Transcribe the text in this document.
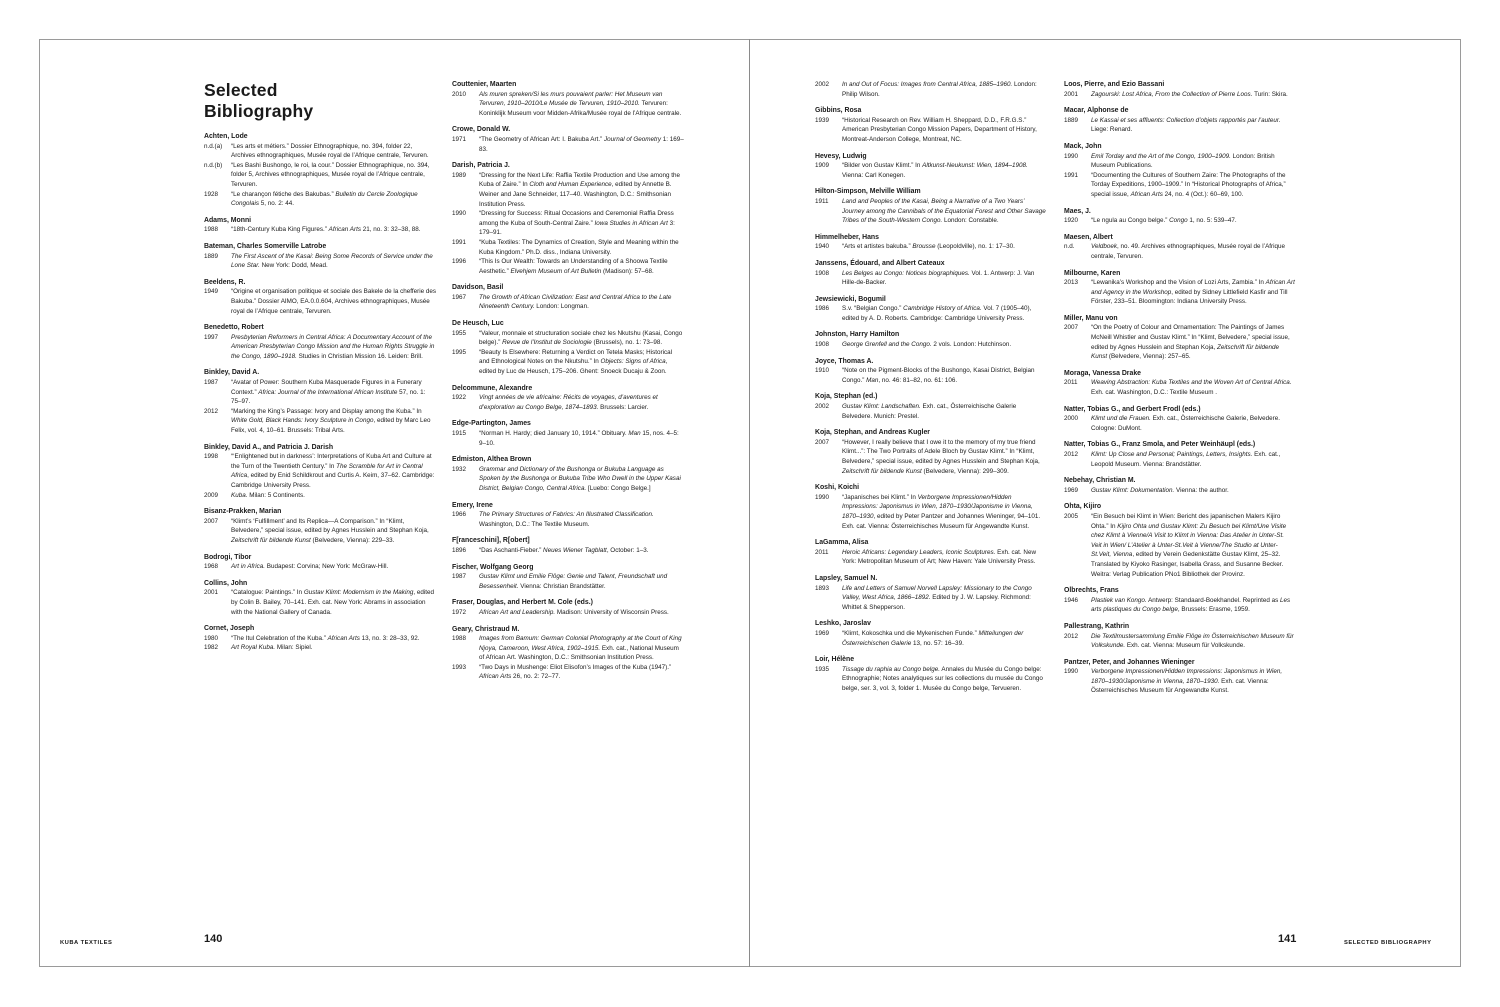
Selected
Bibliography
Achten, Lode
n.d.(a)	“Les arts et métiers.” Dossier Ethnographique, no. 394, folder 22, Archives ethnographiques, Musée royal de l’Afrique centrale, Tervuren.
n.d.(b)	“Les Bashi Bushongo, le roi, la cour.” Dossier Ethnographique, no. 394, folder 5, Archives ethnographiques, Musée royal de l’Afrique centrale, Tervuren.
1928	“Le charançon fétiche des Bakubas.” Bulletin du Cercle Zoologique Congolais 5, no. 2: 44.
Adams, Monni
1988	“18th-Century Kuba King Figures.” African Arts 21, no. 3: 32–38, 88.
Bateman, Charles Somerville Latrobe
1889	The First Ascent of the Kasai: Being Some Records of Service under the Lone Star. New York: Dodd, Mead.
Beeldens, R.
1949	“Origine et organisation politique et sociale des Bakele de la chefferie des Bakuba.” Dossier AIMO, EA.0.0.604, Archives ethnographiques, Musée royal de l’Afrique centrale, Tervuren.
Benedetto, Robert
1997	Presbyterian Reformers in Central Africa: A Documentary Account of the American Presbyterian Congo Mission and the Human Rights Struggle in the Congo, 1890–1918. Studies in Christian Mission 16. Leiden: Brill.
Binkley, David A.
1987	“Avatar of Power: Southern Kuba Masquerade Figures in a Funerary Context.” Africa: Journal of the International African Institute 57, no. 1: 75–97.
2012	“Marking the King’s Passage: Ivory and Display among the Kuba.” In White Gold, Black Hands: Ivory Sculpture in Congo, edited by Marc Leo Felix, vol. 4, 10–61. Brussels: Tribal Arts.
Binkley, David A., and Patricia J. Darish
1998	“‘Enlightened but in darkness’: Interpretations of Kuba Art and Culture at the Turn of the Twentieth Century.” In The Scramble for Art in Central Africa, edited by Enid Schildkrout and Curtis A. Keim, 37–62. Cambridge: Cambridge University Press.
2009	Kuba. Milan: 5 Continents.
Bisanz-Prakken, Marian
2007	“Klimt’s ‘Fulfillment’ and Its Replica—A Comparison.” In “Klimt, Belvedere,” special issue, edited by Agnes Husslein and Stephan Koja, Zeitschrift für bildende Kunst (Belvedere, Vienna): 229–33.
Bodrogi, Tibor
1968	Art in Africa. Budapest: Corvina; New York: McGraw-Hill.
Collins, John
2001	“Catalogue: Paintings.” In Gustav Klimt: Modernism in the Making, edited by Colin B. Bailey, 70–141. Exh. cat. New York: Abrams in association with the National Gallery of Canada.
Cornet, Joseph
1980	“The Itul Celebration of the Kuba.” African Arts 13, no. 3: 28–33, 92.
1982	Art Royal Kuba. Milan: Sipiel.
Couttenier, Maarten
2010	Als muren spreken/Si les murs pouvaient parler: Het Museum van Tervuren, 1910–2010/Le Musée de Tervuren, 1910–2010. Tervuren: Koninklijk Museum voor Midden-Afrika/Musée royal de l’Afrique centrale.
Crowe, Donald W.
1971	“The Geometry of African Art: I. Bakuba Art.” Journal of Geometry 1: 169–83.
Darish, Patricia J.
1989	“Dressing for the Next Life: Raffia Textile Production and Use among the Kuba of Zaire.” In Cloth and Human Experience, edited by Annette B. Weiner and Jane Schneider, 117–40. Washington, D.C.: Smithsonian Institution Press.
1990	“Dressing for Success: Ritual Occasions and Ceremonial Raffia Dress among the Kuba of South-Central Zaire.” Iowa Studies in African Art 3: 179–91.
1991	“Kuba Textiles: The Dynamics of Creation, Style and Meaning within the Kuba Kingdom.” Ph.D. diss., Indiana University.
1996	“This Is Our Wealth: Towards an Understanding of a Shoowa Textile Aesthetic.” Elvehjem Museum of Art Bulletin (Madison): 57–68.
Davidson, Basil
1967	The Growth of African Civilization: East and Central Africa to the Late Nineteenth Century. London: Longman.
De Heusch, Luc
1955	“Valeur, monnaie et structuration sociale chez les Nkutshu (Kasai, Congo belge).” Revue de l’Institut de Sociologie (Brussels), no. 1: 73–98.
1995	“Beauty Is Elsewhere: Returning a Verdict on Tetela Masks; Historical and Ethnological Notes on the Nkutshu.” In Objects: Signs of Africa, edited by Luc de Heusch, 175–206. Ghent: Snoeck Ducaju & Zoon.
Delcommune, Alexandre
1922	Vingt années de vie africaine: Récits de voyages, d’aventures et d’exploration au Congo Belge, 1874–1893. Brussels: Larcier.
Edge-Partington, James
1915	“Norman H. Hardy; died January 10, 1914.” Obituary. Man 15, nos. 4–5: 9–10.
Edmiston, Althea Brown
1932	Grammar and Dictionary of the Bushonga or Bukuba Language as Spoken by the Bushonga or Bukuba Tribe Who Dwell in the Upper Kasai District, Belgian Congo, Central Africa. [Luebo: Congo Belge.]
Emery, Irene
1966	The Primary Structures of Fabrics: An Illustrated Classification. Washington, D.C.: The Textile Museum.
F[ranceschini], R[obert]
1896	“Das Aschanti-Fieber.” Neues Wiener Tagblatt, October: 1–3.
Fischer, Wolfgang Georg
1987	Gustav Klimt und Emilie Flöge: Genie und Talent, Freundschaft und Besessenheit. Vienna: Christian Brandstätter.
Fraser, Douglas, and Herbert M. Cole (eds.)
1972	African Art and Leadership. Madison: University of Wisconsin Press.
Geary, Christraud M.
1988	Images from Bamum: German Colonial Photography at the Court of King Njoya, Cameroon, West Africa, 1902–1915. Exh. cat., National Museum of African Art. Washington, D.C.: Smithsonian Institution Press.
1993	“Two Days in Mushenge: Eliot Elisofon’s Images of the Kuba (1947).” African Arts 26, no. 2: 72–77.
2002	In and Out of Focus: Images from Central Africa, 1885–1960. London: Philip Wilson.
Gibbins, Rosa
1939	“Historical Research on Rev. William H. Sheppard, D.D., F.R.G.S.” American Presbyterian Congo Mission Papers, Department of History, Montreat-Anderson College, Montreat, NC.
Hevesy, Ludwig
1909	“Bilder von Gustav Klimt.” In Altkunst-Neukunst: Wien, 1894–1908. Vienna: Carl Konegen.
Hilton-Simpson, Melville William
1911	Land and Peoples of the Kasai, Being a Narrative of a Two Years’ Journey among the Cannibals of the Equatorial Forest and Other Savage Tribes of the South-Western Congo. London: Constable.
Himmelheber, Hans
1940	“Arts et artistes bakuba.” Brousse (Leopoldville), no. 1: 17–30.
Janssens, Édouard, and Albert Cateaux
1908	Les Belges au Congo: Notices biographiques. Vol. 1. Antwerp: J. Van Hille-de-Backer.
Jewsiewicki, Bogumil
1986	S.v. “Belgian Congo.” Cambridge History of Africa. Vol. 7 (1905–40), edited by A. D. Roberts. Cambridge: Cambridge University Press.
Johnston, Harry Hamilton
1908	George Grenfell and the Congo. 2 vols. London: Hutchinson.
Joyce, Thomas A.
1910	“Note on the Pigment-Blocks of the Bushongo, Kasai District, Belgian Congo.” Man, no. 46: 81–82, no. 61: 106.
Koja, Stephan (ed.)
2002	Gustav Klimt: Landschaften. Exh. cat., Österreichische Galerie Belvedere. Munich: Prestel.
Koja, Stephan, and Andreas Kugler
2007	“However, I really believe that I owe it to the memory of my true friend Klimt...”: The Two Portraits of Adele Bloch by Gustav Klimt.” In “Klimt, Belvedere,” special issue, edited by Agnes Husslein and Stephan Koja, Zeitschrift für bildende Kunst (Belvedere, Vienna): 299–309.
Koshi, Koichi
1990	“Japanisches bei Klimt.” In Verborgene Impressionen/Hidden Impressions: Japonismus in Wien, 1870–1930/Japonisme in Vienna, 1870–1930, edited by Peter Pantzer and Johannes Wieninger, 94–101. Exh. cat. Vienna: Österreichisches Museum für Angewandte Kunst.
LaGamma, Alisa
2011	Heroic Africans: Legendary Leaders, Iconic Sculptures. Exh. cat. New York: Metropolitan Museum of Art; New Haven: Yale University Press.
Lapsley, Samuel N.
1893	Life and Letters of Samuel Norvell Lapsley: Missionary to the Congo Valley, West Africa, 1866–1892. Edited by J. W. Lapsley. Richmond: Whittet & Shepperson.
Leshko, Jaroslav
1969	“Klimt, Kokoschka und die Mykenischen Funde.” Mitteilungen der Österreichischen Galerie 13, no. 57: 16–39.
Loir, Hélène
1935	Tissage du raphia au Congo belge. Annales du Musée du Congo belge: Ethnographie; Notes analytiques sur les collections du musée du Congo belge, ser. 3, vol. 3, folder 1. Musée du Congo belge, Tervueren.
Loos, Pierre, and Ezio Bassani
2001	Zagourski: Lost Africa, From the Collection of Pierre Loos. Turin: Skira.
Macar, Alphonse de
1889	Le Kassai et ses affluents: Collection d’objets rapportés par l’auteur. Liege: Renard.
Mack, John
1990	Emil Torday and the Art of the Congo, 1900–1909. London: British Museum Publications.
1991	“Documenting the Cultures of Southern Zaire: The Photographs of the Torday Expeditions, 1900–1909.” In “Historical Photographs of Africa,” special issue, African Arts 24, no. 4 (Oct.): 60–69, 100.
Maes, J.
1920	“Le ngula au Congo belge.” Congo 1, no. 5: 539–47.
Maesen, Albert
n.d.	Veldboek, no. 49. Archives ethnographiques, Musée royal de l’Afrique centrale, Tervuren.
Milbourne, Karen
2013	“Lewanika’s Workshop and the Vision of Lozi Arts, Zambia.” In African Art and Agency in the Workshop, edited by Sidney Littlefield Kasfir and Till Förster, 233–51. Bloomington: Indiana University Press.
Miller, Manu von
2007	“On the Poetry of Colour and Ornamentation: The Paintings of James McNeill Whistler and Gustav Klimt.” In “Klimt, Belvedere,” special issue, edited by Agnes Husslein and Stephan Koja, Zeitschrift für bildende Kunst (Belvedere, Vienna): 257–65.
Moraga, Vanessa Drake
2011	Weaving Abstraction: Kuba Textiles and the Woven Art of Central Africa. Exh. cat. Washington, D.C.: Textile Museum .
Natter, Tobias G., and Gerbert Frodl (eds.)
2000	Klimt und die Frauen. Exh. cat., Österreichische Galerie, Belvedere. Cologne: DuMont.
Natter, Tobias G., Franz Smola, and Peter Weinhäupl (eds.)
2012	Klimt: Up Close and Personal; Paintings, Letters, Insights. Exh. cat., Leopold Museum. Vienna: Brandstätter.
Nebehay, Christian M.
1969	Gustav Klimt: Dokumentation. Vienna: the author.
Ohta, Kijiro
2005	“Ein Besuch bei Klimt in Wien: Bericht des japanischen Malers Kijiro Ohta.” In Kijiro Ohta und Gustav Klimt: Zu Besuch bei Klimt/Une Visite chez Klimt à Vienne/A Visit to Klimt in Vienna: Das Atelier in Unter-St. Veit in Wien/ L’Atelier à Unter-St.Veit à Vienne/The Studio at Unter-St.Veit, Vienna, edited by Verein Gedenkstätte Gustav Klimt, 25–32. Translated by Kiyoko Rasinger, Isabella Grass, and Susanne Becker. Weitra: Verlag Publication PNo1 Bibliothek der Provinz.
Olbrechts, Frans
1946	Plastiek van Kongo. Antwerp: Standaard-Boekhandel. Reprinted as Les arts plastiques du Congo belge, Brussels: Erasme, 1959.
Pallestrang, Kathrin
2012	Die Textilmustersammlung Emilie Flöge im Österreichischen Museum für Volkskunde. Exh. cat. Vienna: Museum für Volkskunde.
Pantzer, Peter, and Johannes Wieninger
1990	Verborgene Impressionen/Hidden Impressions: Japonismus in Wien, 1870–1930/Japonisme in Vienna, 1870–1930. Exh. cat. Vienna: Österreichisches Museum für Angewandte Kunst.
KUBA TEXTILES	140	141	SELECTED BIBLIOGRAPHY
